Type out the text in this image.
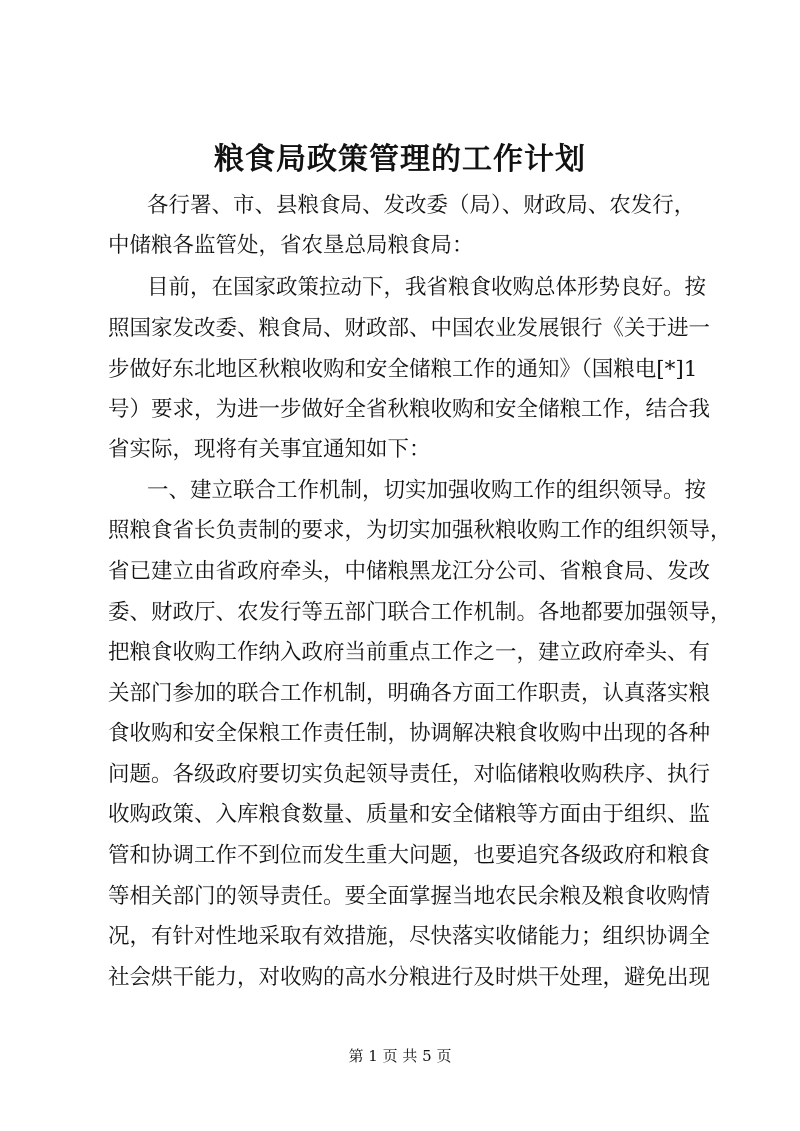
粮食局政策管理的工作计划
各行署、市、县粮食局、发改委（局）、财政局、农发行，
中储粮各监管处，省农垦总局粮食局：
目前，在国家政策拉动下，我省粮食收购总体形势良好。按
照国家发改委、粮食局、财政部、中国农业发展银行《关于进一
步做好东北地区秋粮收购和安全储粮工作的通知》（国粮电[*]1
号）要求，为进一步做好全省秋粮收购和安全储粮工作，结合我
省实际，现将有关事宜通知如下：
一、建立联合工作机制，切实加强收购工作的组织领导。按
照粮食省长负责制的要求，为切实加强秋粮收购工作的组织领导，
省已建立由省政府牵头，中储粮黑龙江分公司、省粮食局、发改
委、财政厅、农发行等五部门联合工作机制。各地都要加强领导，
把粮食收购工作纳入政府当前重点工作之一，建立政府牵头、有
关部门参加的联合工作机制，明确各方面工作职责，认真落实粮
食收购和安全保粮工作责任制，协调解决粮食收购中出现的各种
问题。各级政府要切实负起领导责任，对临储粮收购秩序、执行
收购政策、入库粮食数量、质量和安全储粮等方面由于组织、监
管和协调工作不到位而发生重大问题，也要追究各级政府和粮食
等相关部门的领导责任。要全面掌握当地农民余粮及粮食收购情
况，有针对性地采取有效措施，尽快落实收储能力；组织协调全
社会烘干能力，对收购的高水分粮进行及时烘干处理，避免出现
第 1 页 共 5 页
